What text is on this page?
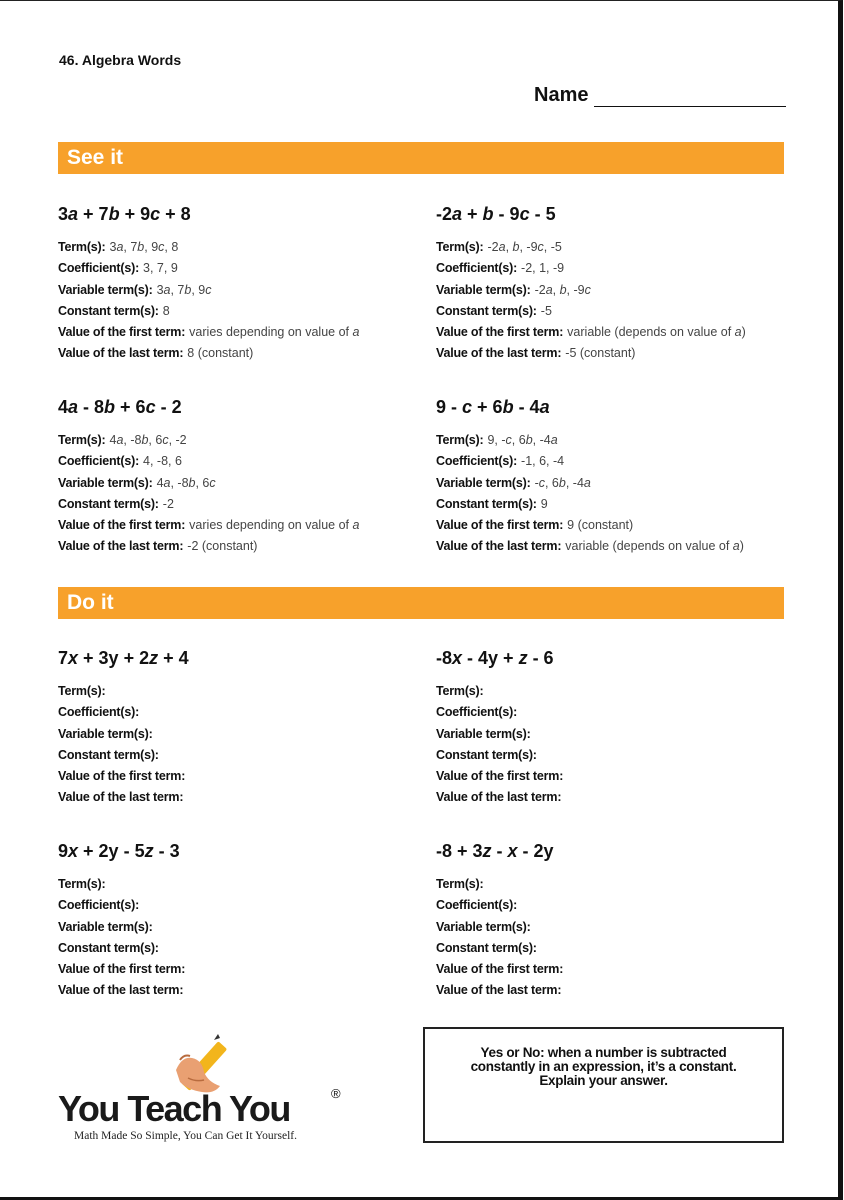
46. Algebra Words
Name
See it
Do it
3a + 7b + 9c + 8
Term(s): 3a, 7b, 9c, 8
Coefficient(s): 3, 7, 9
Variable term(s): 3a, 7b, 9c
Constant term(s): 8
Value of the first term: varies depending on value of a
Value of the last term: 8 (constant)
-2a + b - 9c - 5
Term(s): -2a, b, -9c, -5
Coefficient(s): -2, 1, -9
Variable term(s): -2a, b, -9c
Constant term(s): -5
Value of the first term: variable (depends on value of a)
Value of the last term: -5 (constant)
4a - 8b + 6c - 2
Term(s): 4a, -8b, 6c, -2
Coefficient(s): 4, -8, 6
Variable term(s): 4a, -8b, 6c
Constant term(s): -2
Value of the first term: varies depending on value of a
Value of the last term: -2 (constant)
9 - c + 6b - 4a
Term(s): 9, -c, 6b, -4a
Coefficient(s): -1, 6, -4
Variable term(s): -c, 6b, -4a
Constant term(s): 9
Value of the first term: 9 (constant)
Value of the last term: variable (depends on value of a)
7x + 3y + 2z + 4
Term(s):
Coefficient(s):
Variable term(s):
Constant term(s):
Value of the first term:
Value of the last term:
-8x - 4y + z - 6
Term(s):
Coefficient(s):
Variable term(s):
Constant term(s):
Value of the first term:
Value of the last term:
9x + 2y - 5z - 3
Term(s):
Coefficient(s):
Variable term(s):
Constant term(s):
Value of the first term:
Value of the last term:
-8 + 3z - x - 2y
Term(s):
Coefficient(s):
Variable term(s):
Constant term(s):
Value of the first term:
Value of the last term:
You Teach You	®
Math Made So Simple, You Can Get It Yourself.
Yes or No: when a number is subtracted
constantly in an expression, it’s a constant.
Explain your answer.
